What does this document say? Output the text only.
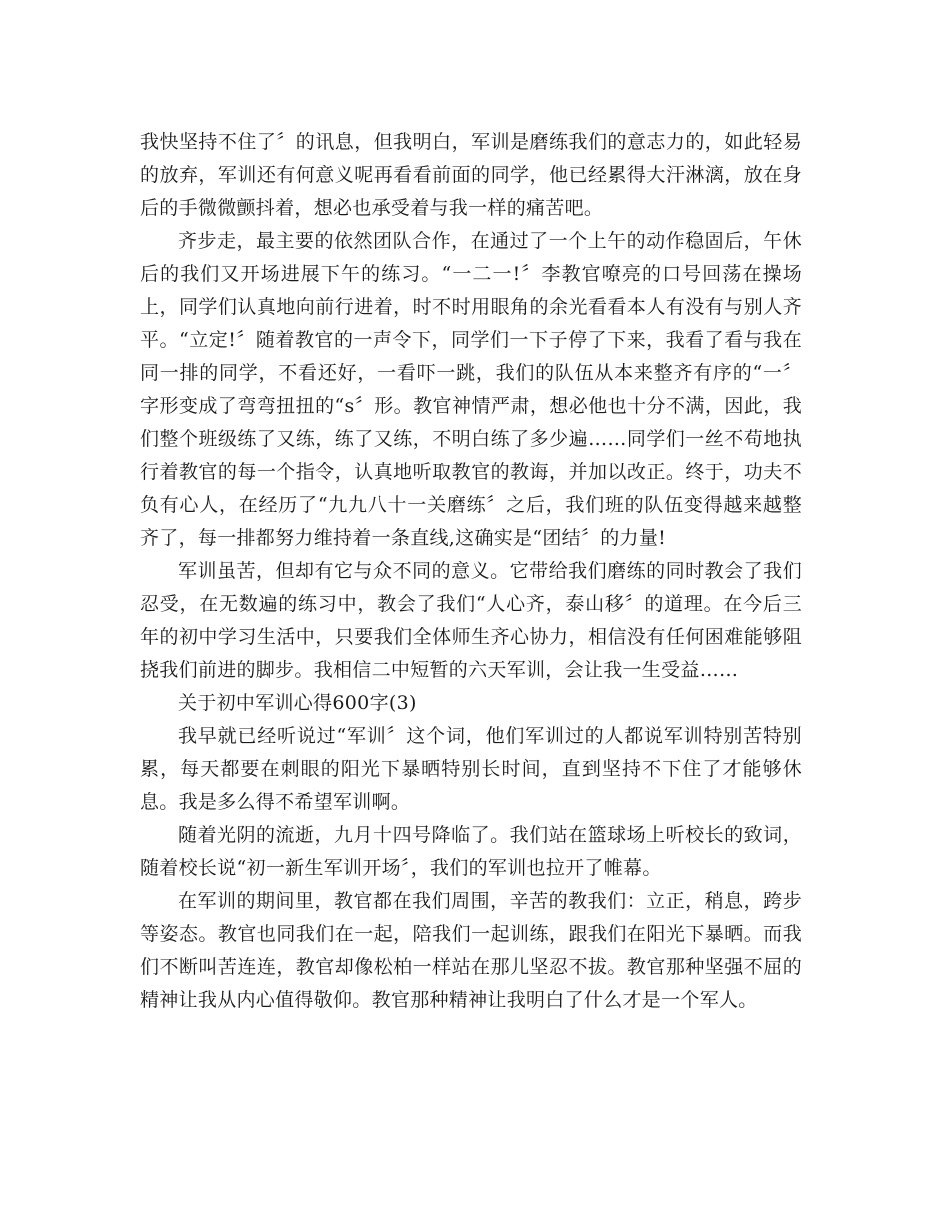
我快坚持不住了〞的讯息，但我明白，军训是磨练我们的意志力的，如此轻易的放弃，军训还有何意义呢再看看前面的同学，他已经累得大汗淋漓，放在身后的手微微颤抖着，想必也承受着与我一样的痛苦吧。

齐步走，最主要的依然团队合作，在通过了一个上午的动作稳固后，午休后的我们又开场进展下午的练习。“一二一!〞李教官嘹亮的口号回荡在操场上，同学们认真地向前行进着，时不时用眼角的余光看看本人有没有与别人齐平。“立定!〞随着教官的一声令下，同学们一下子停了下来，我看了看与我在同一排的同学，不看还好，一看吓一跳，我们的队伍从本来整齐有序的“一〞字形变成了弯弯扭扭的“s〞形。教官神情严肃，想必他也十分不满，因此，我们整个班级练了又练，练了又练，不明白练了多少遍……同学们一丝不苟地执行着教官的每一个指令，认真地听取教官的教诲，并加以改正。终于，功夫不负有心人，在经历了“九九八十一关磨练〞之后，我们班的队伍变得越来越整齐了，每一排都努力维持着一条直线,这确实是“团结〞的力量!

军训虽苦，但却有它与众不同的意义。它带给我们磨练的同时教会了我们忍受，在无数遍的练习中，教会了我们“人心齐，泰山移〞的道理。在今后三年的初中学习生活中，只要我们全体师生齐心协力，相信没有任何困难能够阻挠我们前进的脚步。我相信二中短暂的六天军训，会让我一生受益……

关于初中军训心得600字(3)

我早就已经听说过“军训〞这个词，他们军训过的人都说军训特别苦特别累，每天都要在刺眼的阳光下暴晒特别长时间，直到坚持不下住了才能够休息。我是多么得不希望军训啊。

随着光阴的流逝，九月十四号降临了。我们站在篮球场上听校长的致词，随着校长说“初一新生军训开场〞，我们的军训也拉开了帷幕。

在军训的期间里，教官都在我们周围，辛苦的教我们：立正，稍息，跨步等姿态。教官也同我们在一起，陪我们一起训练，跟我们在阳光下暴晒。而我们不断叫苦连连，教官却像松柏一样站在那儿坚忍不拔。教官那种坚强不屈的精神让我从内心值得敬仰。教官那种精神让我明白了什么才是一个军人。
